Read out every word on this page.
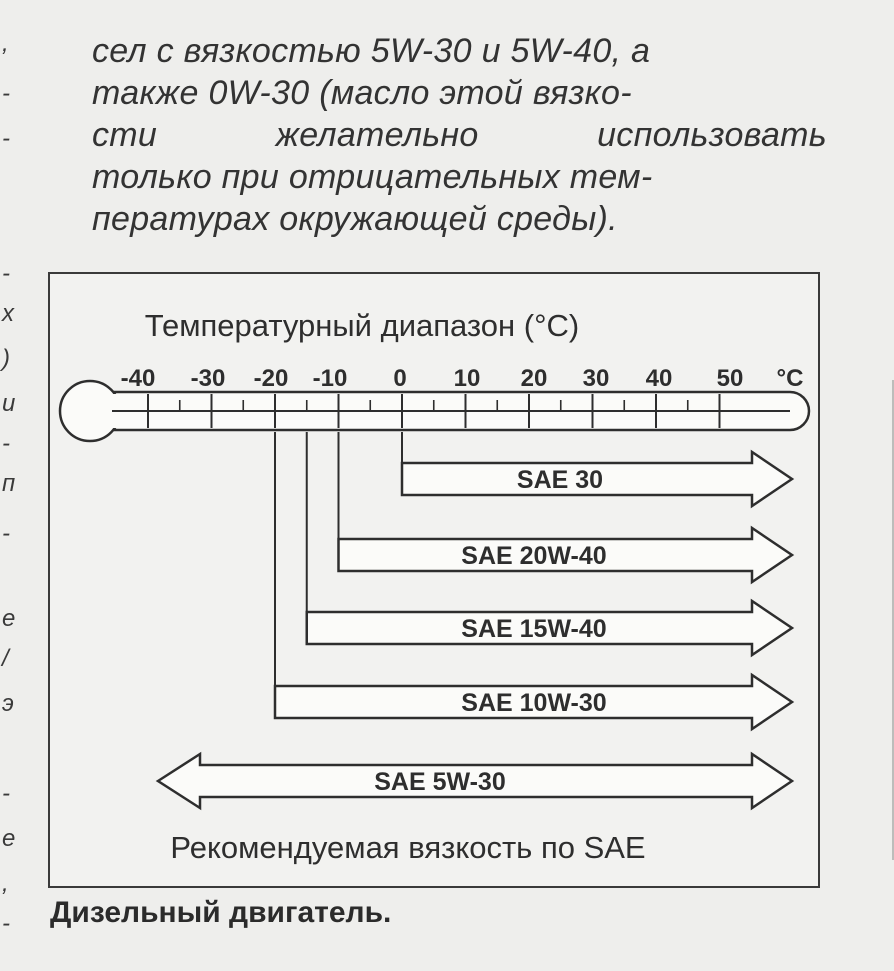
,
-
-
-
х
)
и
-
п
-
е
/
э
-
е
,
-
сел с вязкостью 5W-30 и 5W-40, а
также 0W-30 (масло этой вязко-
сти	желательно	использовать
только при отрицательных тем-
пературах окружающей среды).
Температурный диапазон (°C)
-40 -30 -20 -10 0 10 20 30 40 50 °C
SAE 30
SAE 20W-40
SAE 15W-40
SAE 10W-30
SAE 5W-30
Рекомендуемая вязкость по SAE
Дизельный двигатель.
